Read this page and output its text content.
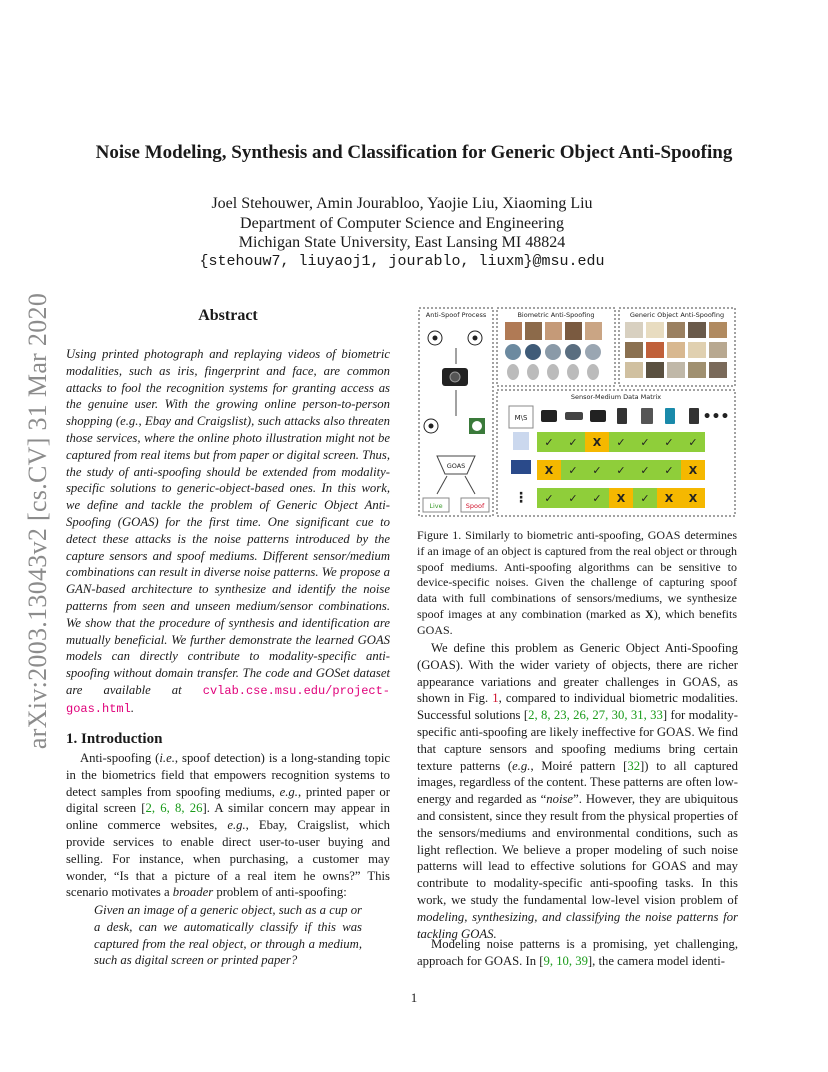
arXiv:2003.13043v2 [cs.CV] 31 Mar 2020
Noise Modeling, Synthesis and Classification for Generic Object Anti-Spoofing
Joel Stehouwer, Amin Jourabloo, Yaojie Liu, Xiaoming Liu
Department of Computer Science and Engineering
Michigan State University, East Lansing MI 48824
{stehouw7, liuyaoj1, jourablo, liuxm}@msu.edu
Abstract
Using printed photograph and replaying videos of biometric modalities, such as iris, fingerprint and face, are common attacks to fool the recognition systems for granting access as the genuine user. With the growing online person-to-person shopping (e.g., Ebay and Craigslist), such attacks also threaten those services, where the online photo illustration might not be captured from real items but from paper or digital screen. Thus, the study of anti-spoofing should be extended from modality-specific solutions to generic-object-based ones. In this work, we define and tackle the problem of Generic Object Anti-Spoofing (GOAS) for the first time. One significant cue to detect these attacks is the noise patterns introduced by the capture sensors and spoof mediums. Different sensor/medium combinations can result in diverse noise patterns. We propose a GAN-based architecture to synthesize and identify the noise patterns from seen and unseen medium/sensor combinations. We show that the procedure of synthesis and identification are mutually beneficial. We further demonstrate the learned GOAS models can directly contribute to modality-specific anti-spoofing without domain transfer. The code and GOSet dataset are available at cvlab.cse.msu.edu/project-goas.html.
1. Introduction

Anti-spoofing (i.e., spoof detection) is a long-standing topic in the biometrics field that empowers recognition systems to detect samples from spoofing mediums, e.g., printed paper or digital screen [2, 6, 8, 26]. A similar concern may appear in online commerce websites, e.g., Ebay, Craigslist, which provide services to enable direct user-to-user buying and selling. For instance, when purchasing, a customer may wonder, “Is that a picture of a real item he owns?” This scenario motivates a broader problem of anti-spoofing:

Given an image of a generic object, such as a cup or a desk, can we automatically classify if this was captured from the real object, or through a medium, such as digital screen or printed paper?
Anti-Spoof Process	Biometric Anti-Spoofing	Generic Object Anti-Spoofing
Sensor-Medium Data Matrix
GOAS
Live	Spoof
M\S	•••
⋮
✓ ✓ X ✓ ✓ ✓ ✓
X ✓ ✓ ✓ ✓ ✓ X
✓ ✓ ✓ X ✓ X X
Figure 1. Similarly to biometric anti-spoofing, GOAS determines if an image of an object is captured from the real object or through spoof mediums. Anti-spoofing algorithms can be sensitive to device-specific noises. Given the challenge of capturing spoof data with full combinations of sensors/mediums, we synthesize spoof images at any combination (marked as X), which benefits GOAS.

We define this problem as Generic Object Anti-Spoofing (GOAS). With the wider variety of objects, there are richer appearance variations and greater challenges in GOAS, as shown in Fig. 1, compared to individual biometric modalities. Successful solutions [2, 8, 23, 26, 27, 30, 31, 33] for modality-specific anti-spoofing are likely ineffective for GOAS. We find that capture sensors and spoofing mediums bring certain texture patterns (e.g., Moiré pattern [32]) to all captured images, regardless of the content. These patterns are often low-energy and regarded as “noise”. However, they are ubiquitous and consistent, since they result from the physical properties of the sensors/mediums and environmental conditions, such as light reflection. We believe a proper modeling of such noise patterns will lead to effective solutions for GOAS and may contribute to modality-specific anti-spoofing tasks. In this work, we study the fundamental low-level vision problem of modeling, synthesizing, and classifying the noise patterns for tackling GOAS.

Modeling noise patterns is a promising, yet challenging, approach for GOAS. In [9, 10, 39], the camera model identi-

1
